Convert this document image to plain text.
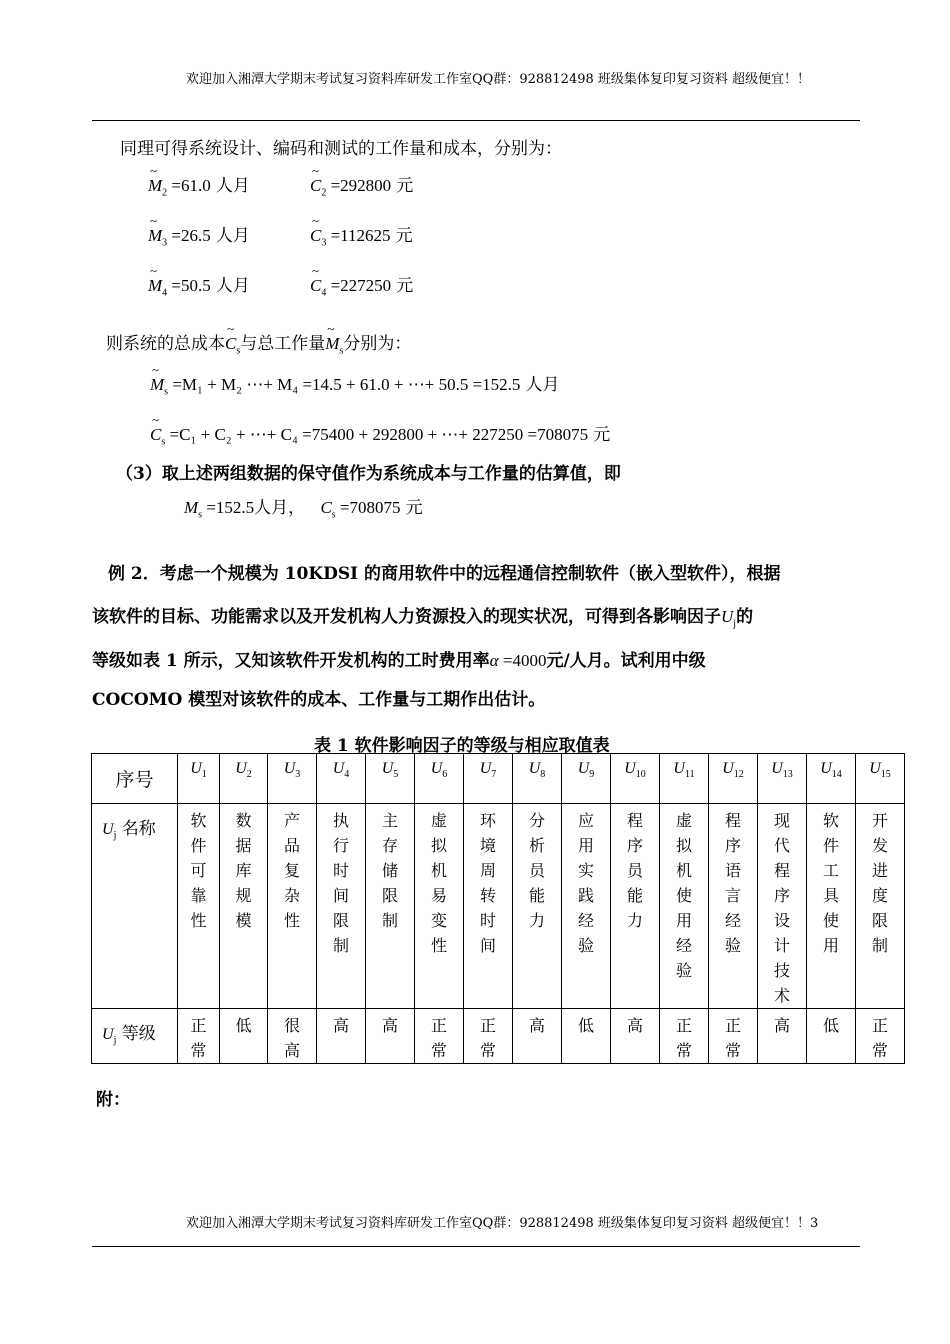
欢迎加入湘潭大学期末考试复习资料库研发工作室QQ群：928812498 班级集体复印复习资料 超级便宜！！
同理可得系统设计、编码和测试的工作量和成本，分别为：
~ $M_2 =61.0$ 人月	~ $C_2 =292800$ 元
~ $M_3 =26.5$ 人月	~ $C_3 =112625$ 元
~ $M_4 =50.5$ 人月	~ $C_4 =227250$ 元
则系统的总成本~ $C_s$与总工作量~ $M_s$分别为：
~ $M_s =M_1 + M_2$ ⋯+ M₄ =14.5 + 61.0 + ⋯+ 50.5 =152.5 人月
~ $C_s =C_1 + C_2$ + ⋯+ C₄ =75400 + 292800 + ⋯+ 227250 =708075 元
（3）取上述两组数据的保守值作为系统成本与工作量的估算值，即
$M_s =152.5$人月， $C_s =708075$ 元
例 2．考虑一个规模为 10KDSI 的商用软件中的远程通信控制软件（嵌入型软件），根据
该软件的目标、功能需求以及开发机构人力资源投入的现实状况，可得到各影响因子$U_j$的
等级如表 1 所示，又知该软件开发机构的工时费用率α =4000元/人月。试利用中级
COCOMO 模型对该软件的成本、工作量与工期作出估计。
表 1 软件影响因子的等级与相应取值表
序号	$U_1$	$U_2$	$U_3$	$U_4$	$U_5$	$U_6$	$U_7$	$U_8$	$U_9$	$U_{10}$	$U_{11}$	$U_{12}$	$U_{13}$	$U_{14}$	$U_{15}$
$U_j$ 名称	软件可靠性	数据库规模	产品复杂性	执行时间限制	主存储限制	虚拟机易变性	环境周转时间	分析员能力	应用实践经验	程序员能力	虚拟机使用经验	程序语言经验	现代程序设计技术	软件工具使用	开发进度限制

$U_j$ 等级	正常	低	很高	高	高	正常	正常	高	低	高	正常	正常	高	低	正常
附：
欢迎加入湘潭大学期末考试复习资料库研发工作室QQ群：928812498 班级集体复印复习资料 超级便宜！！3
